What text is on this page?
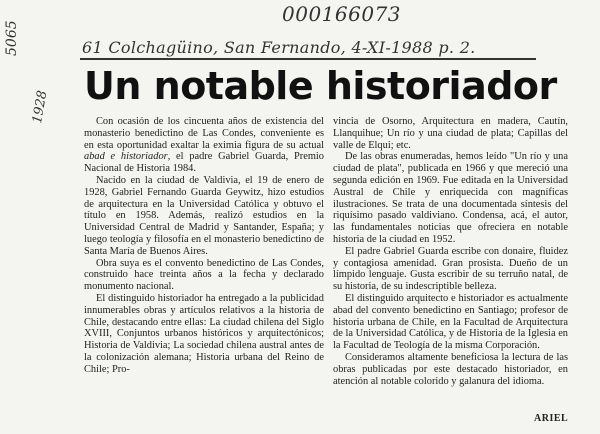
000166073
5065
1928
61 Colchagüino, San Fernando, 4-XI-1988 p. 2.
Un notable historiador

Con ocasión de los cincuenta años de existencia del monasterio benedictino de Las Condes, conveniente es en esta oportunidad exaltar la eximia figura de su actual abad e historiador, el padre Gabriel Guarda, Premio Nacional de Historia 1984.

Nacido en la ciudad de Valdivia, el 19 de enero de 1928, Gabriel Fernando Guarda Geywitz, hizo estudios de arquitectura en la Universidad Católica y obtuvo el título en 1958. Además, realizó estudios en la Universidad Central de Madrid y Santander, España; y luego teología y filosofía en el monasterio benedictino de Santa María de Buenos Aires.

Obra suya es el convento benedictino de Las Condes, construido hace treinta años a la fecha y declarado monumento nacional.

El distinguido historiador ha entregado a la publicidad innumerables obras y artículos relativos a la historia de Chile, destacando entre ellas: La ciudad chilena del Siglo XVIII, Conjuntos urbanos históricos y arquitectónicos; Historia de Valdivia; La sociedad chilena austral antes de la colonización alemana; Historia urbana del Reino de Chile; Pro-

vincia de Osorno, Arquitectura en madera, Cautín, Llanquihue; Un río y una ciudad de plata; Capillas del valle de Elqui; etc.

De las obras enumeradas, hemos leído "Un río y una ciudad de plata", publicada en 1966 y que mereció una segunda edición en 1969. Fue editada en la Universidad Austral de Chile y enriquecida con magníficas ilustraciones. Se trata de una documentada síntesis del riquísimo pasado valdiviano. Condensa, acá, el autor, las fundamentales noticias que ofreciera en notable historia de la ciudad en 1952.

El padre Gabriel Guarda escribe con donaire, fluidez y contagiosa amenidad. Gran prosista. Dueño de un límpido lenguaje. Gusta escribir de su terruño natal, de su historia, de su indescriptible belleza.

El distinguido arquitecto e historiador es actualmente abad del convento benedictino en Santiago; profesor de historia urbana de Chile, en la Facultad de Arquitectura de la Universidad Católica, y de Historia de la Iglesia en la Facultad de Teología de la misma Corporación.

Consideramos altamente beneficiosa la lectura de las obras publicadas por este destacado historiador, en atención al notable colorido y galanura del idioma.

ARIEL
